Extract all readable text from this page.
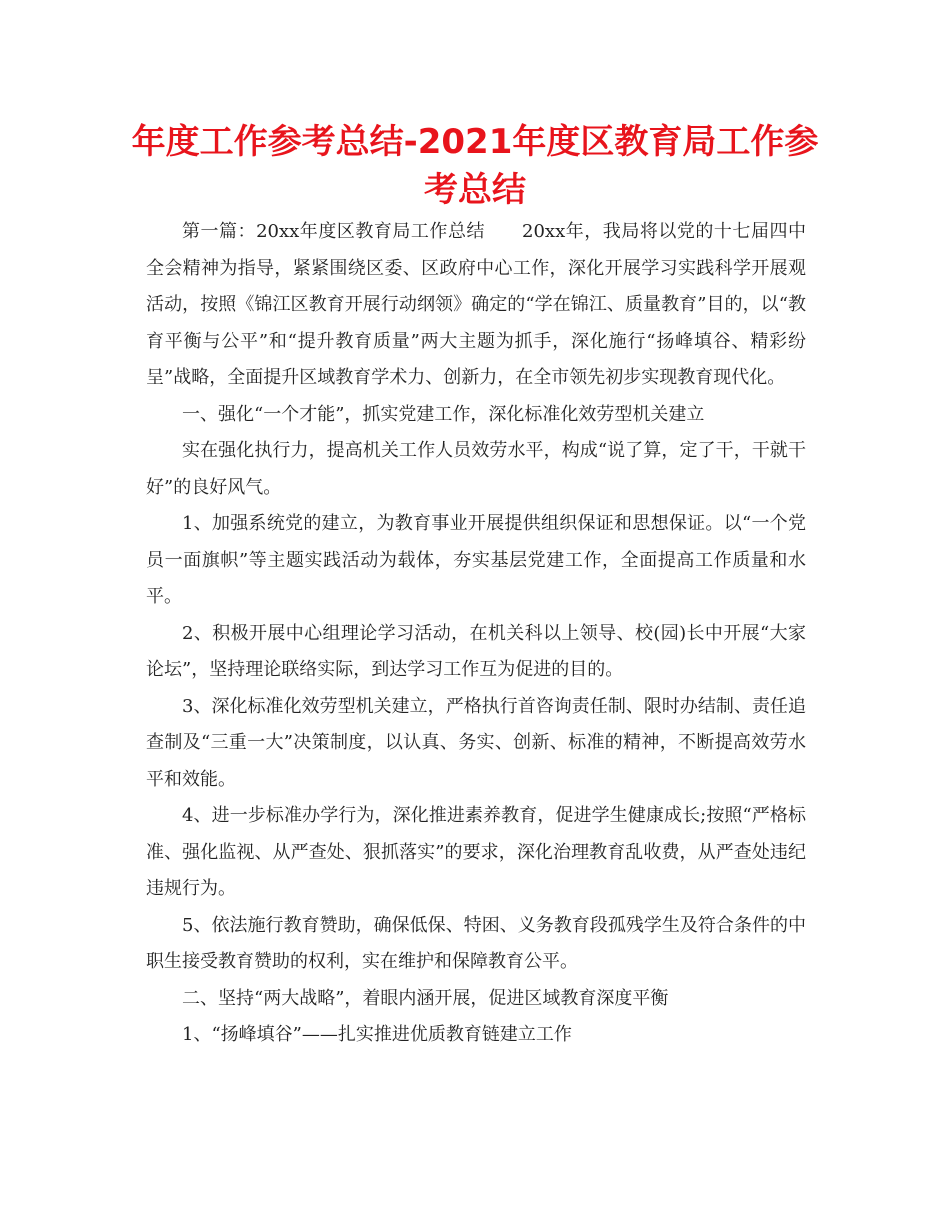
年度工作参考总结-2021年度区教育局工作参考总结

第一篇：20xx年度区教育局工作总结　　20xx年，我局将以党的十七届四中全会精神为指导，紧紧围绕区委、区政府中心工作，深化开展学习实践科学开展观活动，按照《锦江区教育开展行动纲领》确定的“学在锦江、质量教育”目的，以“教育平衡与公平”和“提升教育质量”两大主题为抓手，深化施行“扬峰填谷、精彩纷呈”战略，全面提升区域教育学术力、创新力，在全市领先初步实现教育现代化。

一、强化“一个才能”，抓实党建工作，深化标准化效劳型机关建立

实在强化执行力，提高机关工作人员效劳水平，构成“说了算，定了干，干就干好”的良好风气。

1、加强系统党的建立，为教育事业开展提供组织保证和思想保证。以“一个党员一面旗帜”等主题实践活动为载体，夯实基层党建工作，全面提高工作质量和水平。

2、积极开展中心组理论学习活动，在机关科以上领导、校(园)长中开展“大家论坛”，坚持理论联络实际，到达学习工作互为促进的目的。

3、深化标准化效劳型机关建立，严格执行首咨询责任制、限时办结制、责任追查制及“三重一大”决策制度，以认真、务实、创新、标准的精神，不断提高效劳水平和效能。

4、进一步标准办学行为，深化推进素养教育，促进学生健康成长;按照“严格标准、强化监视、从严查处、狠抓落实”的要求，深化治理教育乱收费，从严查处违纪违规行为。

5、依法施行教育赞助，确保低保、特困、义务教育段孤残学生及符合条件的中职生接受教育赞助的权利，实在维护和保障教育公平。

二、坚持“两大战略”，着眼内涵开展，促进区域教育深度平衡

1、“扬峰填谷”——扎实推进优质教育链建立工作
